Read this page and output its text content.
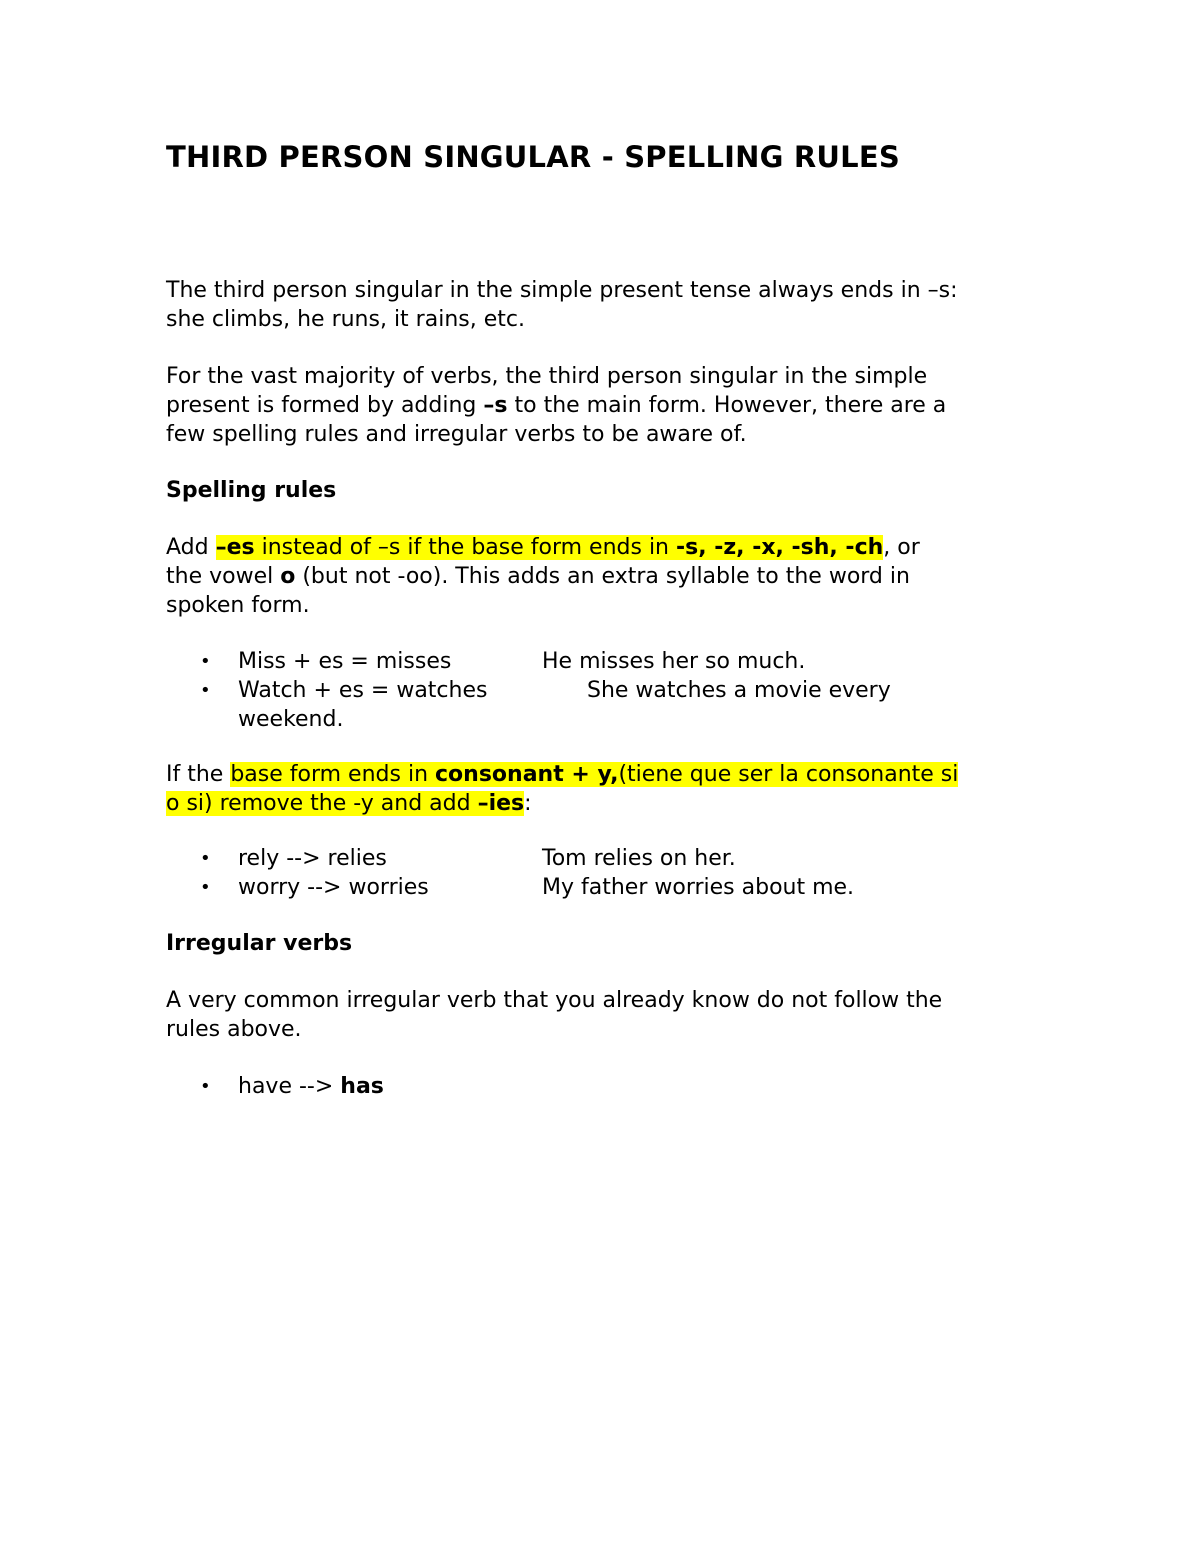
THIRD PERSON SINGULAR - SPELLING RULES

The third person singular in the simple present tense always ends in –s:
she climbs, he runs, it rains, etc.

For the vast majority of verbs, the third person singular in the simple
present is formed by adding –s to the main form. However, there are a
few spelling rules and irregular verbs to be aware of.

Spelling rules

Add –es instead of –s if the base form ends in -s, -z, -x, -sh, -ch, or
the vowel o (but not -oo). This adds an extra syllable to the word in
spoken form.

• Miss + es = misses	He misses her so much.
• Watch + es = watches	She watches a movie every
weekend.

If the base form ends in consonant + y,(tiene que ser la consonante si
o si) remove the -y and add –ies:

• rely --> relies	Tom relies on her.
• worry --> worries	My father worries about me.
Irregular verbs

A very common irregular verb that you already know do not follow the
rules above.

• have --> has
